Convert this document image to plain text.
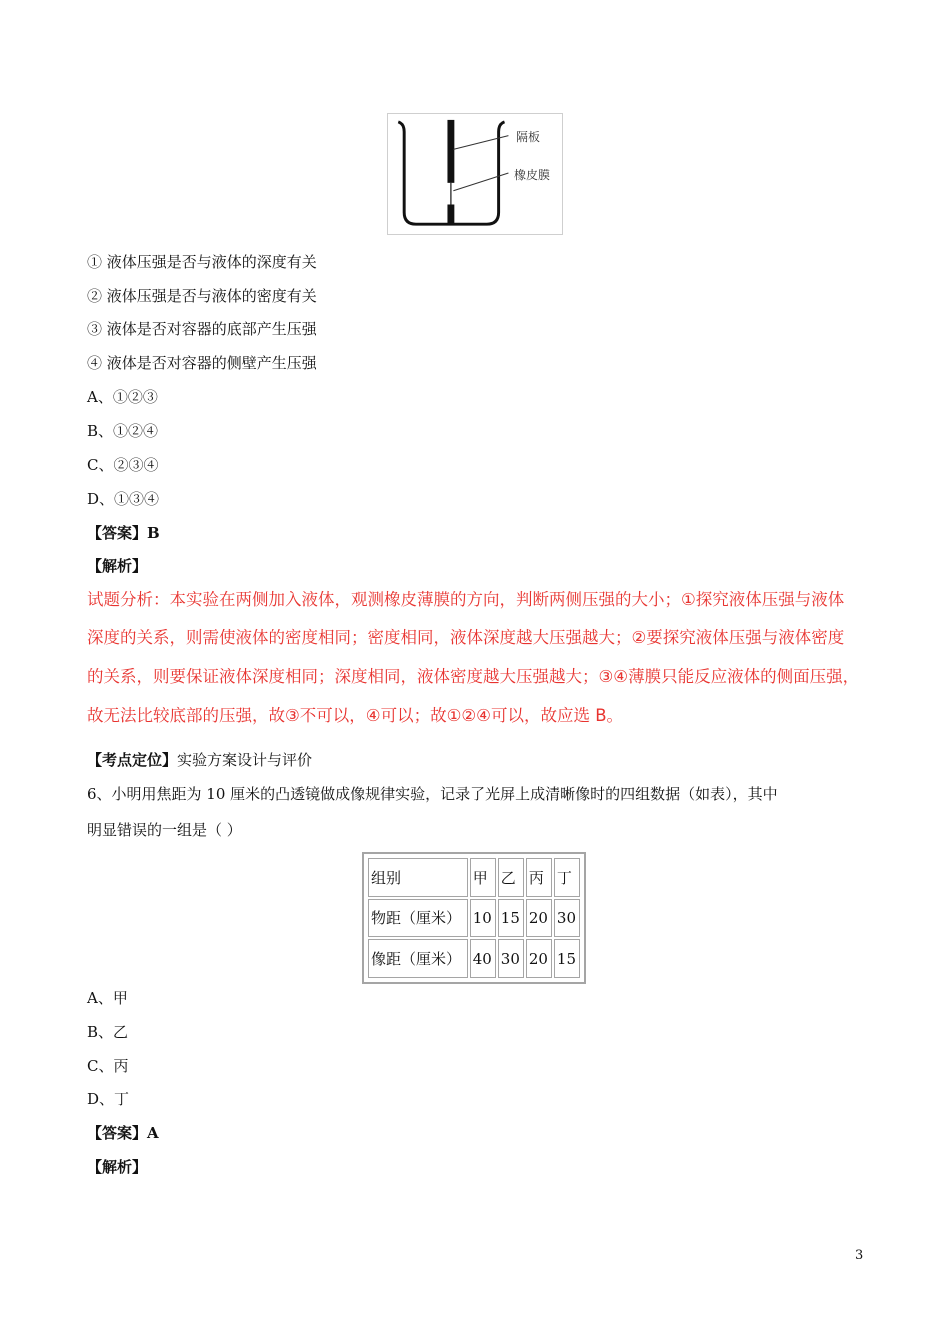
隔板
橡皮膜
① 液体压强是否与液体的深度有关
② 液体压强是否与液体的密度有关
③ 液体是否对容器的底部产生压强
④ 液体是否对容器的侧壁产生压强
A、①②③
B、①②④
C、②③④
D、①③④
【答案】B
【解析】
试题分析：本实验在两侧加入液体，观测橡皮薄膜的方向，判断两侧压强的大小；①探究液体压强与液体
深度的关系，则需使液体的密度相同；密度相同，液体深度越大压强越大；②要探究液体压强与液体密度
的关系，则要保证液体深度相同；深度相同，液体密度越大压强越大；③④薄膜只能反应液体的侧面压强，
故无法比较底部的压强，故③不可以，④可以；故①②④可以，故应选 B。
【考点定位】实验方案设计与评价
6、小明用焦距为 10 厘米的凸透镜做成像规律实验，记录了光屏上成清晰像时的四组数据（如表），其中
明显错误的一组是（ ）
组别	甲	乙	丙	丁
物距（厘米）	10	15	20	30
像距（厘米）	40	30	20	15
A、甲
B、乙
C、丙
D、丁
【答案】A
【解析】
3
